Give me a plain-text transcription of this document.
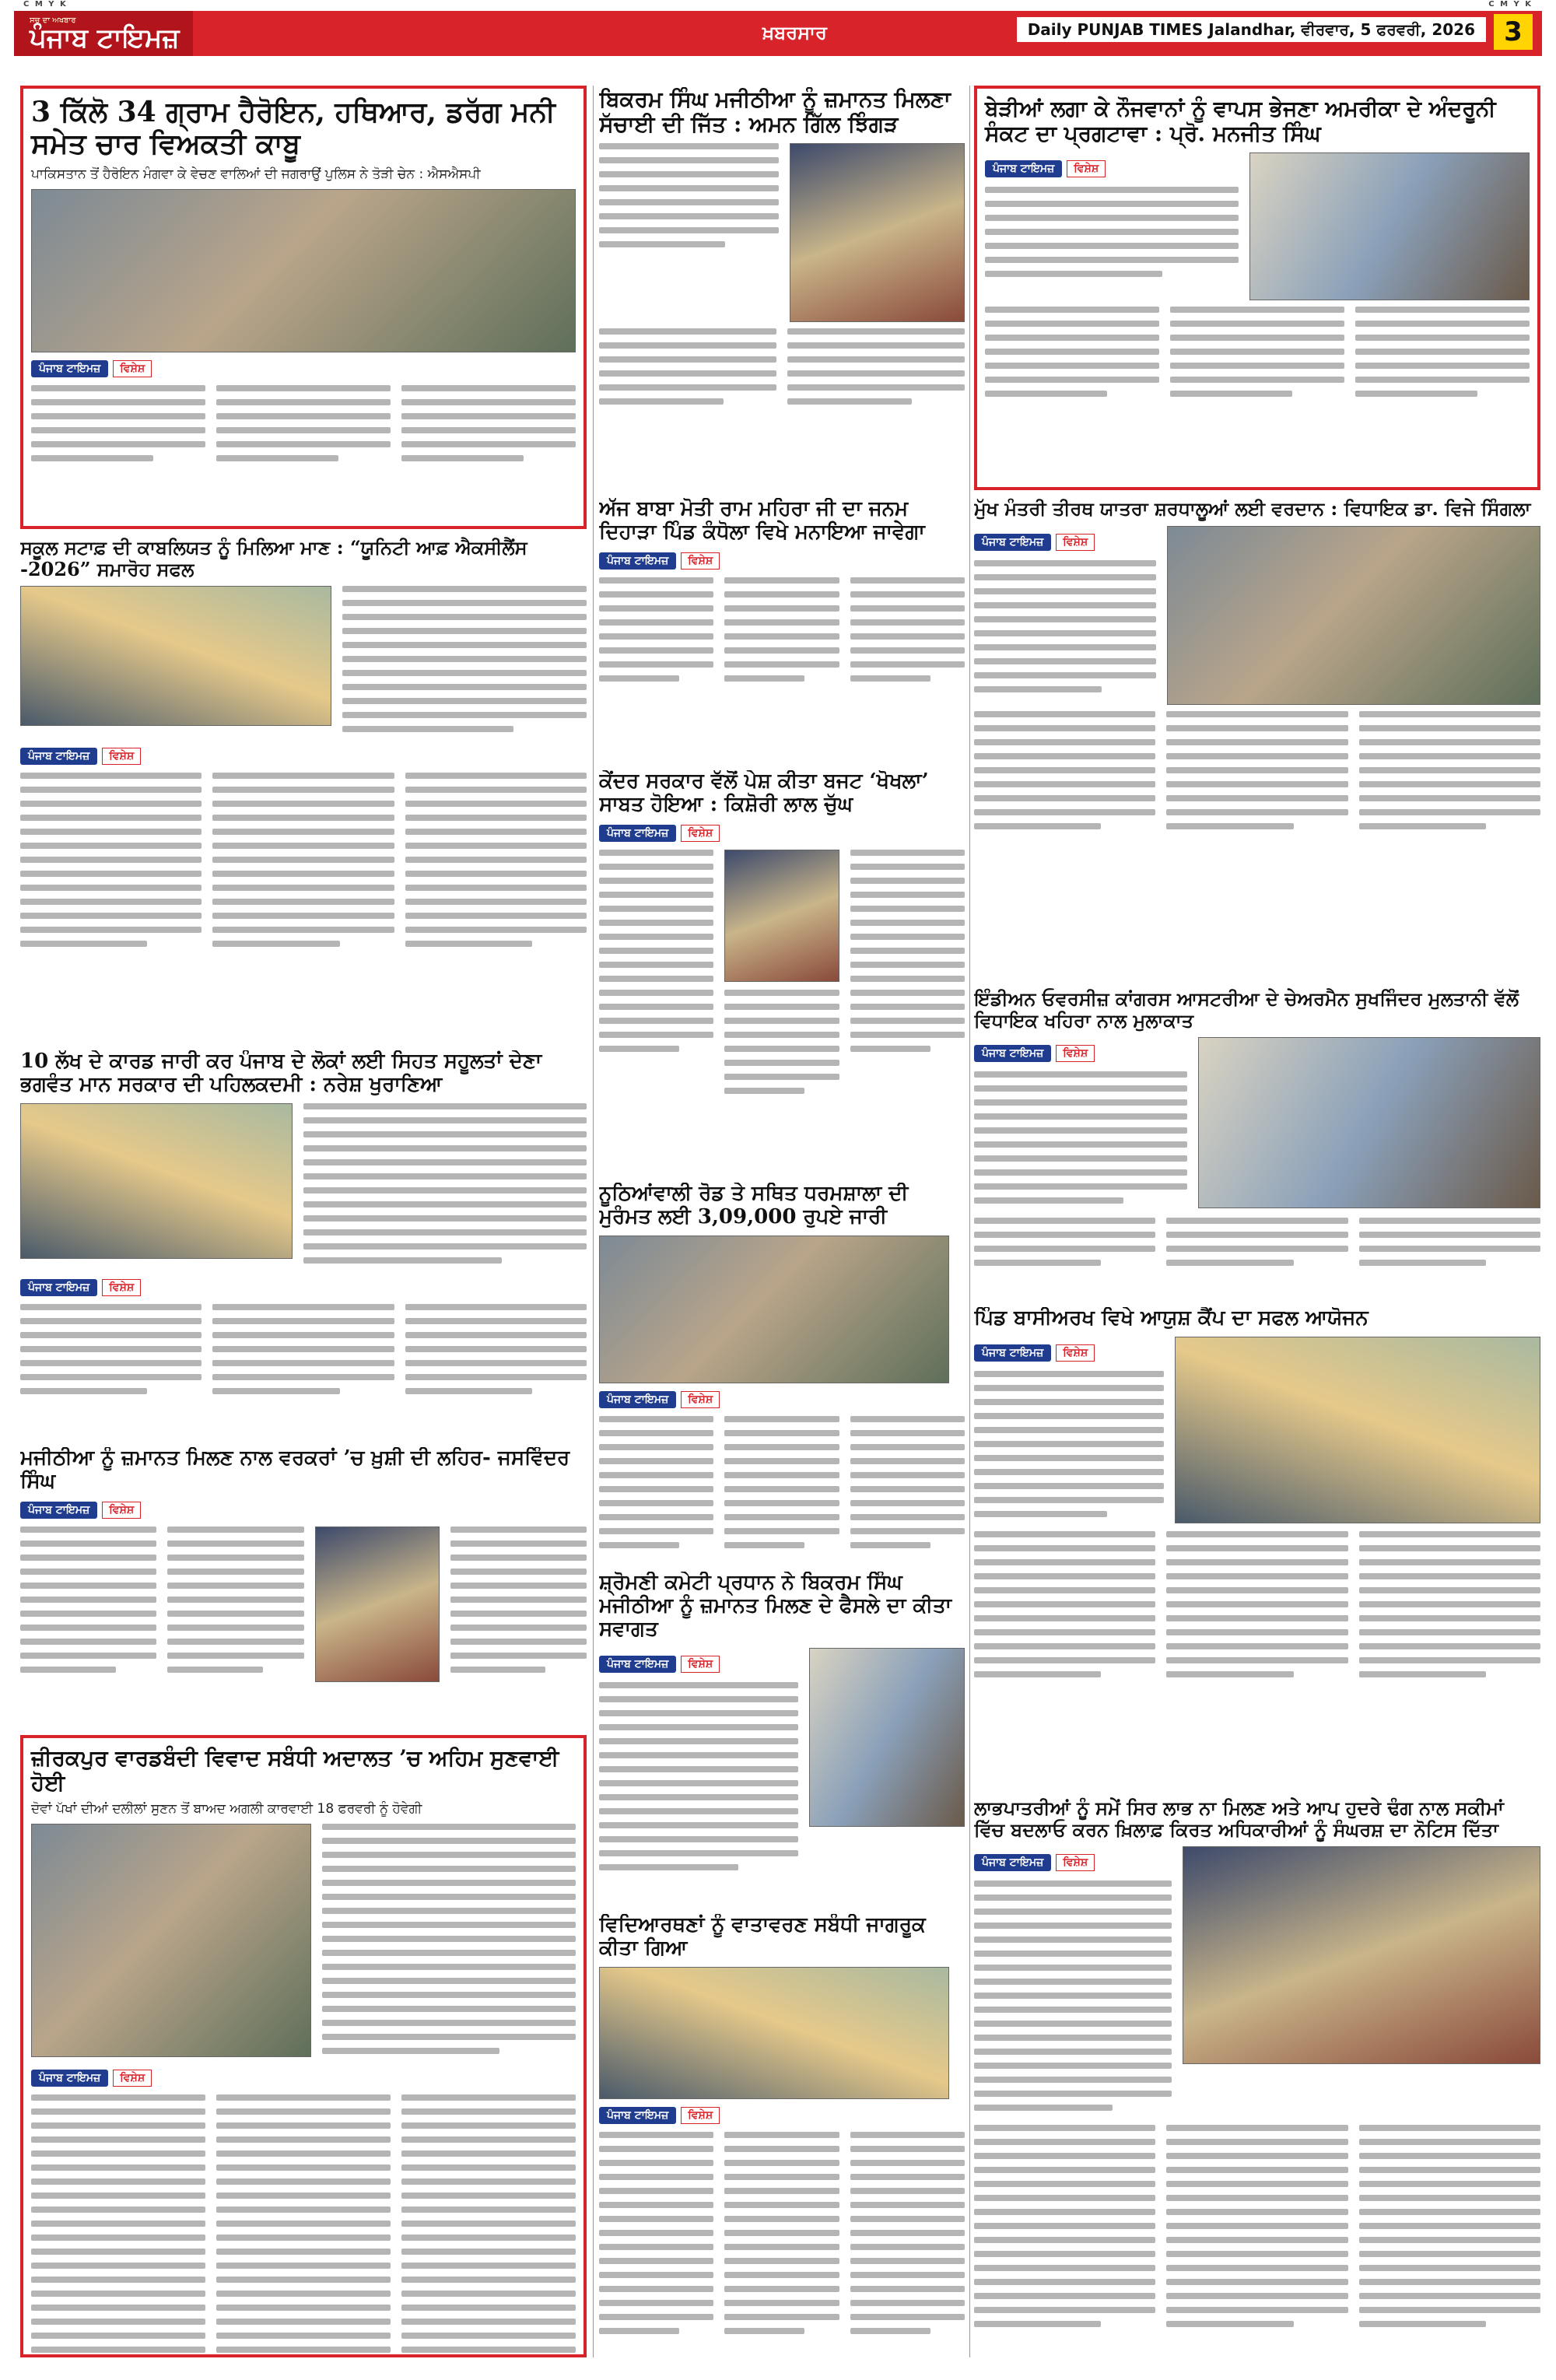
C M Y K	C M Y K
ਸਚ ਦਾ ਅਖਬਾਰ
ਪੰਜਾਬ ਟਾਇਮਜ਼	ਖ਼ਬਰਸਾਰ	Daily PUNJAB TIMES Jalandhar, ਵੀਰਵਾਰ, 5 ਫਰਵਰੀ, 2026	3
3 ਕਿੱਲੋ 34 ਗ੍ਰਾਮ ਹੈਰੋਇਨ, ਹਥਿਆਰ, ਡਰੱਗ ਮਨੀ ਸਮੇਤ ਚਾਰ ਵਿਅਕਤੀ ਕਾਬੂ
ਪਾਕਿਸਤਾਨ ਤੋਂ ਹੈਰੋਇਨ ਮੰਗਵਾ ਕੇ ਵੇਚਣ ਵਾਲਿਆਂ ਦੀ ਜਗਰਾਉਂ ਪੁਲਿਸ ਨੇ ਤੋੜੀ ਚੇਨ : ਐਸਐਸਪੀ
ਪੰਜਾਬ ਟਾਇਮਜ਼	ਵਿਸ਼ੇਸ਼
ਬਿਕਰਮ ਸਿੰਘ ਮਜੀਠੀਆ ਨੂੰ ਜ਼ਮਾਨਤ ਮਿਲਣਾ ਸੱਚਾਈ ਦੀ ਜਿੱਤ : ਅਮਨ ਗਿੱਲ ਝਿੰਗੜ
ਬੇੜੀਆਂ ਲਗਾ ਕੇ ਨੌਜਵਾਨਾਂ ਨੂੰ ਵਾਪਸ ਭੇਜਣਾ ਅਮਰੀਕਾ ਦੇ ਅੰਦਰੂਨੀ ਸੰਕਟ ਦਾ ਪ੍ਰਗਟਾਵਾ : ਪ੍ਰੋ. ਮਨਜੀਤ ਸਿੰਘ
ਪੰਜਾਬ ਟਾਇਮਜ਼	ਵਿਸ਼ੇਸ਼
ਅੱਜ ਬਾਬਾ ਮੋਤੀ ਰਾਮ ਮਹਿਰਾ ਜੀ ਦਾ ਜਨਮ ਦਿਹਾੜਾ ਪਿੰਡ ਕੰਧੋਲਾ ਵਿਖੇ ਮਨਾਇਆ ਜਾਵੇਗਾ
ਪੰਜਾਬ ਟਾਇਮਜ਼	ਵਿਸ਼ੇਸ਼
ਸਕੂਲ ਸਟਾਫ਼ ਦੀ ਕਾਬਲਿਯਤ ਨੂੰ ਮਿਲਿਆ ਮਾਣ : “ਯੂਨਿਟੀ ਆਫ਼ ਐਕਸੀਲੈਂਸ -2026” ਸਮਾਰੋਹ ਸਫਲ
ਪੰਜਾਬ ਟਾਇਮਜ਼	ਵਿਸ਼ੇਸ਼
ਮੁੱਖ ਮੰਤਰੀ ਤੀਰਥ ਯਾਤਰਾ ਸ਼ਰਧਾਲੂਆਂ ਲਈ ਵਰਦਾਨ : ਵਿਧਾਇਕ ਡਾ. ਵਿਜੇ ਸਿੰਗਲਾ
ਪੰਜਾਬ ਟਾਇਮਜ਼	ਵਿਸ਼ੇਸ਼
ਕੇਂਦਰ ਸਰਕਾਰ ਵੱਲੋਂ ਪੇਸ਼ ਕੀਤਾ ਬਜਟ ‘ਖੋਖਲਾ’ ਸਾਬਤ ਹੋਇਆ : ਕਿਸ਼ੋਰੀ ਲਾਲ ਚੁੱਘ
ਪੰਜਾਬ ਟਾਇਮਜ਼	ਵਿਸ਼ੇਸ਼
ਇੰਡੀਅਨ ਓਵਰਸੀਜ਼ ਕਾਂਗਰਸ ਆਸਟਰੀਆ ਦੇ ਚੇਅਰਮੈਨ ਸੁਖਜਿੰਦਰ ਮੁਲਤਾਨੀ ਵੱਲੋਂ ਵਿਧਾਇਕ ਖਹਿਰਾ ਨਾਲ ਮੁਲਾਕਾਤ
ਪੰਜਾਬ ਟਾਇਮਜ਼	ਵਿਸ਼ੇਸ਼
10 ਲੱਖ ਦੇ ਕਾਰਡ ਜਾਰੀ ਕਰ ਪੰਜਾਬ ਦੇ ਲੋਕਾਂ ਲਈ ਸਿਹਤ ਸਹੂਲਤਾਂ ਦੇਣਾ ਭਗਵੰਤ ਮਾਨ ਸਰਕਾਰ ਦੀ ਪਹਿਲਕਦਮੀ : ਨਰੇਸ਼ ਖੁਰਾਣਿਆ
ਪੰਜਾਬ ਟਾਇਮਜ਼	ਵਿਸ਼ੇਸ਼
ਨੂਠਿਆਂਵਾਲੀ ਰੋਡ ਤੇ ਸਥਿਤ ਧਰਮਸ਼ਾਲਾ ਦੀ ਮੁਰੰਮਤ ਲਈ 3,09,000 ਰੁਪਏ ਜਾਰੀ
ਪੰਜਾਬ ਟਾਇਮਜ਼	ਵਿਸ਼ੇਸ਼
ਪਿੰਡ ਬਾਸੀਅਰਖ ਵਿਖੇ ਆਯੁਸ਼ ਕੈਂਪ ਦਾ ਸਫਲ ਆਯੋਜਨ
ਪੰਜਾਬ ਟਾਇਮਜ਼	ਵਿਸ਼ੇਸ਼
ਮਜੀਠੀਆ ਨੂੰ ਜ਼ਮਾਨਤ ਮਿਲਣ ਨਾਲ ਵਰਕਰਾਂ ’ਚ ਖ਼ੁਸ਼ੀ ਦੀ ਲਹਿਰ- ਜਸਵਿੰਦਰ ਸਿੰਘ
ਪੰਜਾਬ ਟਾਇਮਜ਼	ਵਿਸ਼ੇਸ਼
ਸ਼੍ਰੋਮਣੀ ਕਮੇਟੀ ਪ੍ਰਧਾਨ ਨੇ ਬਿਕਰਮ ਸਿੰਘ ਮਜੀਠੀਆ ਨੂੰ ਜ਼ਮਾਨਤ ਮਿਲਣ ਦੇ ਫੈਸਲੇ ਦਾ ਕੀਤਾ ਸਵਾਗਤ
ਪੰਜਾਬ ਟਾਇਮਜ਼	ਵਿਸ਼ੇਸ਼
ਜ਼ੀਰਕਪੁਰ ਵਾਰਡਬੰਦੀ ਵਿਵਾਦ ਸਬੰਧੀ ਅਦਾਲਤ ’ਚ ਅਹਿਮ ਸੁਣਵਾਈ ਹੋਈ
ਦੋਵਾਂ ਪੱਖਾਂ ਦੀਆਂ ਦਲੀਲਾਂ ਸੁਣਨ ਤੋਂ ਬਾਅਦ ਅਗਲੀ ਕਾਰਵਾਈ 18 ਫਰਵਰੀ ਨੂੰ ਹੋਵੇਗੀ
ਪੰਜਾਬ ਟਾਇਮਜ਼	ਵਿਸ਼ੇਸ਼
ਲਾਭਪਾਤਰੀਆਂ ਨੂੰ ਸਮੇਂ ਸਿਰ ਲਾਭ ਨਾ ਮਿਲਣ ਅਤੇ ਆਪ ਹੁਦਰੇ ਢੰਗ ਨਾਲ ਸਕੀਮਾਂ ਵਿੱਚ ਬਦਲਾਓ ਕਰਨ ਖ਼ਿਲਾਫ਼ ਕਿਰਤ ਅਧਿਕਾਰੀਆਂ ਨੂੰ ਸੰਘਰਸ਼ ਦਾ ਨੋਟਿਸ ਦਿੱਤਾ
ਪੰਜਾਬ ਟਾਇਮਜ਼	ਵਿਸ਼ੇਸ਼
ਵਿਦਿਆਰਥਣਾਂ ਨੂੰ ਵਾਤਾਵਰਣ ਸਬੰਧੀ ਜਾਗਰੂਕ ਕੀਤਾ ਗਿਆ
ਪੰਜਾਬ ਟਾਇਮਜ਼	ਵਿਸ਼ੇਸ਼
